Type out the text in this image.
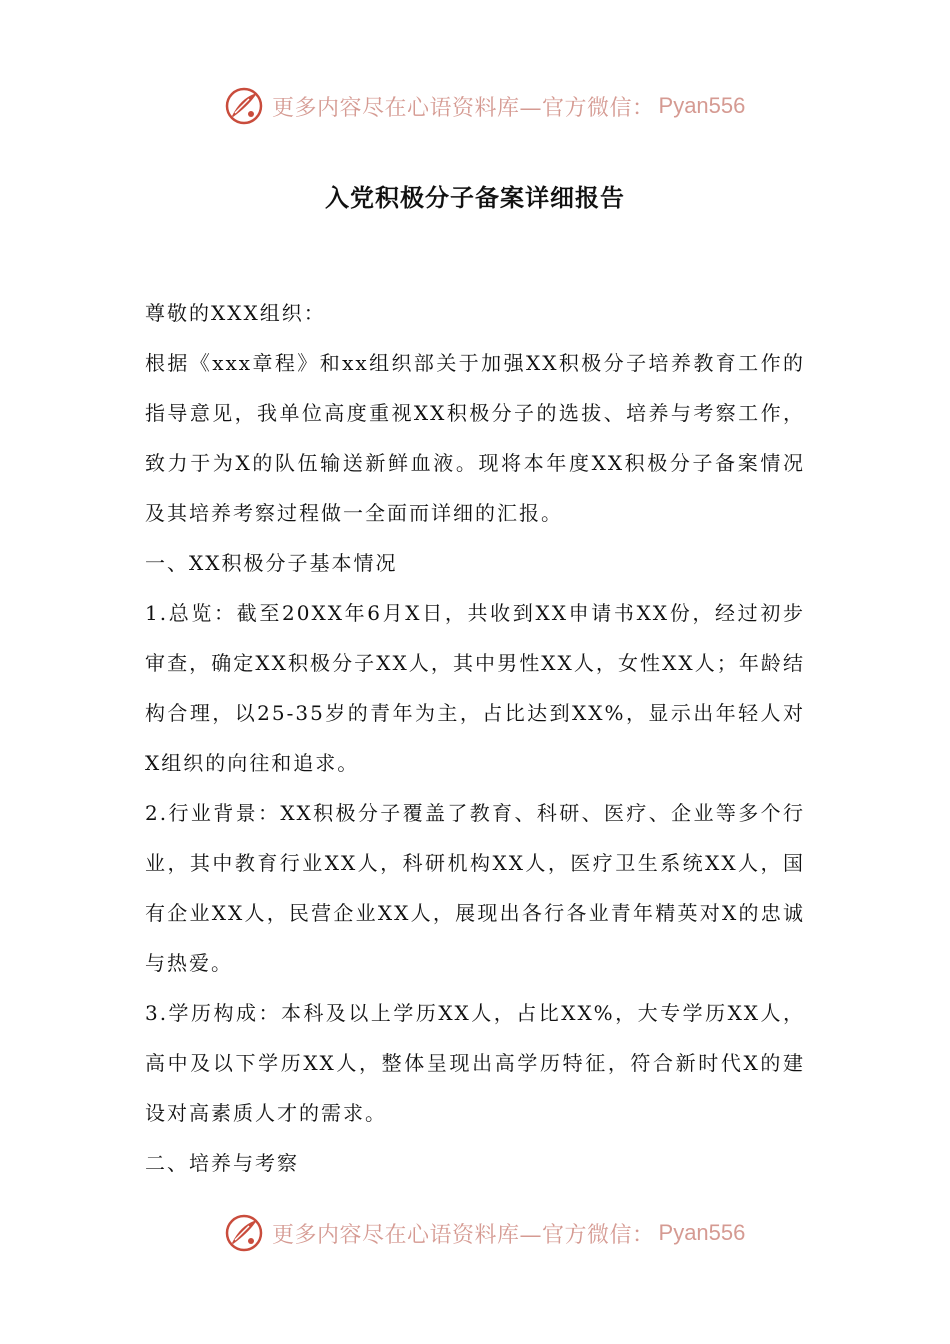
更多内容尽在心语资料库—官方微信： Pyan556
入党积极分子备案详细报告

尊敬的XXX组织：

根据《xxx章程》和xx组织部关于加强XX积极分子培养教育工作的指导意见，我单位高度重视XX积极分子的选拔、培养与考察工作，致力于为X的队伍输送新鲜血液。现将本年度XX积极分子备案情况及其培养考察过程做一全面而详细的汇报。

一、XX积极分子基本情况

1.总览：截至20XX年6月X日，共收到XX申请书XX份，经过初步审查，确定XX积极分子XX人，其中男性XX人，女性XX人；年龄结构合理，以25-35岁的青年为主，占比达到XX%，显示出年轻人对X组织的向往和追求。

2.行业背景：XX积极分子覆盖了教育、科研、医疗、企业等多个行业，其中教育行业XX人，科研机构XX人，医疗卫生系统XX人，国有企业XX人，民营企业XX人，展现出各行各业青年精英对X的忠诚与热爱。

3.学历构成：本科及以上学历XX人，占比XX%，大专学历XX人，高中及以下学历XX人，整体呈现出高学历特征，符合新时代X的建设对高素质人才的需求。

二、培养与考察

更多内容尽在心语资料库—官方微信： Pyan556
